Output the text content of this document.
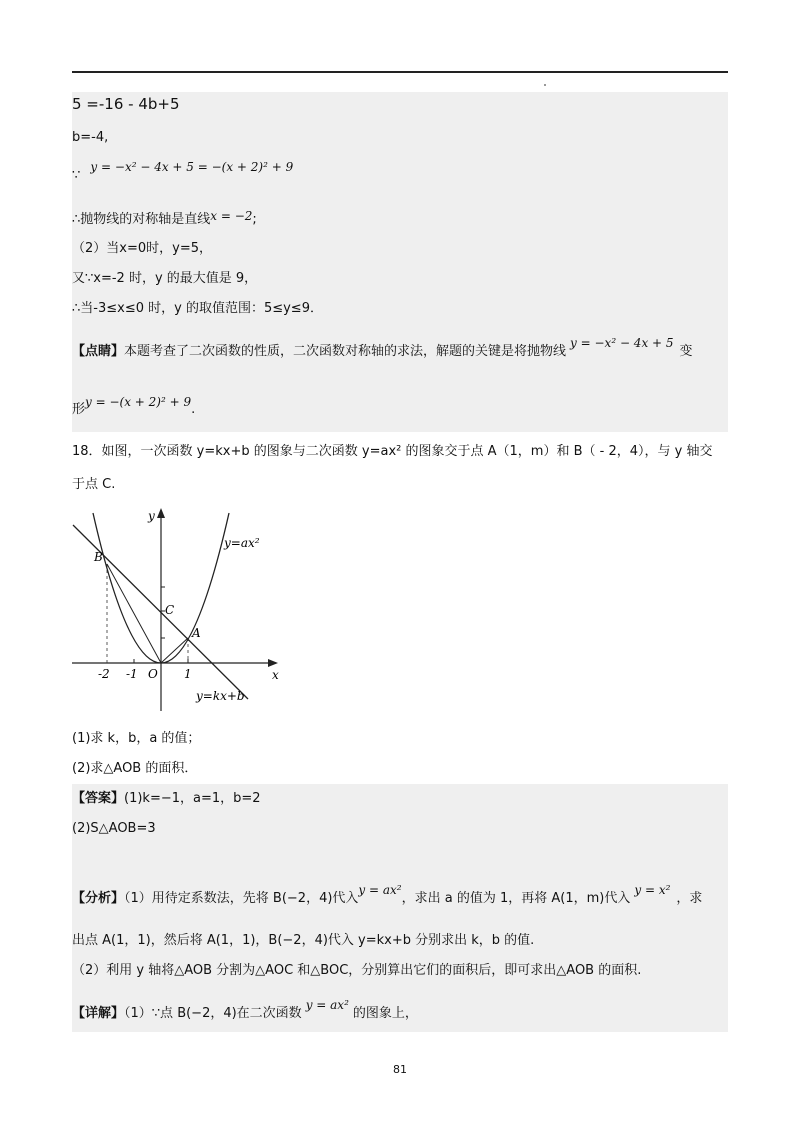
5 =-16 - 4b+5
b=-4,
∵ y = −x² − 4x + 5 = −(x + 2)² + 9
∴抛物线的对称轴是直线x = −2;
（2）当x=0时，y=5，
又∵x=-2 时，y 的最大值是 9，
∴当-3≤x≤0 时，y 的取值范围：5≤y≤9．
【点睛】本题考查了二次函数的性质，二次函数对称轴的求法，解题的关键是将抛物线y = −x² − 4x + 5变
形y = −(x + 2)² + 9.
18．如图，一次函数 y=kx+b 的图象与二次函数 y=ax² 的图象交于点 A（1，m）和 B（ - 2，4），与 y 轴交
于点 C.
y
x
y=ax²
y=kx+b
B
C
A
O
-2 -1	1
(1)求 k，b，a 的值；
(2)求△AOB 的面积．
【答案】(1)k=−1，a=1，b=2
(2)S△AOB=3
【分析】（1）用待定系数法，先将 B(−2，4)代入y = ax²，求出 a 的值为 1，再将 A(1，m)代入y = x²，求
出点 A(1，1)，然后将 A(1，1)，B(−2，4)代入 y=kx+b 分别求出 k，b 的值.
（2）利用 y 轴将△AOB 分割为△AOC 和△BOC，分别算出它们的面积后，即可求出△AOB 的面积.
【详解】（1）∵点 B(−2，4)在二次函数y = ax²的图象上，
81
